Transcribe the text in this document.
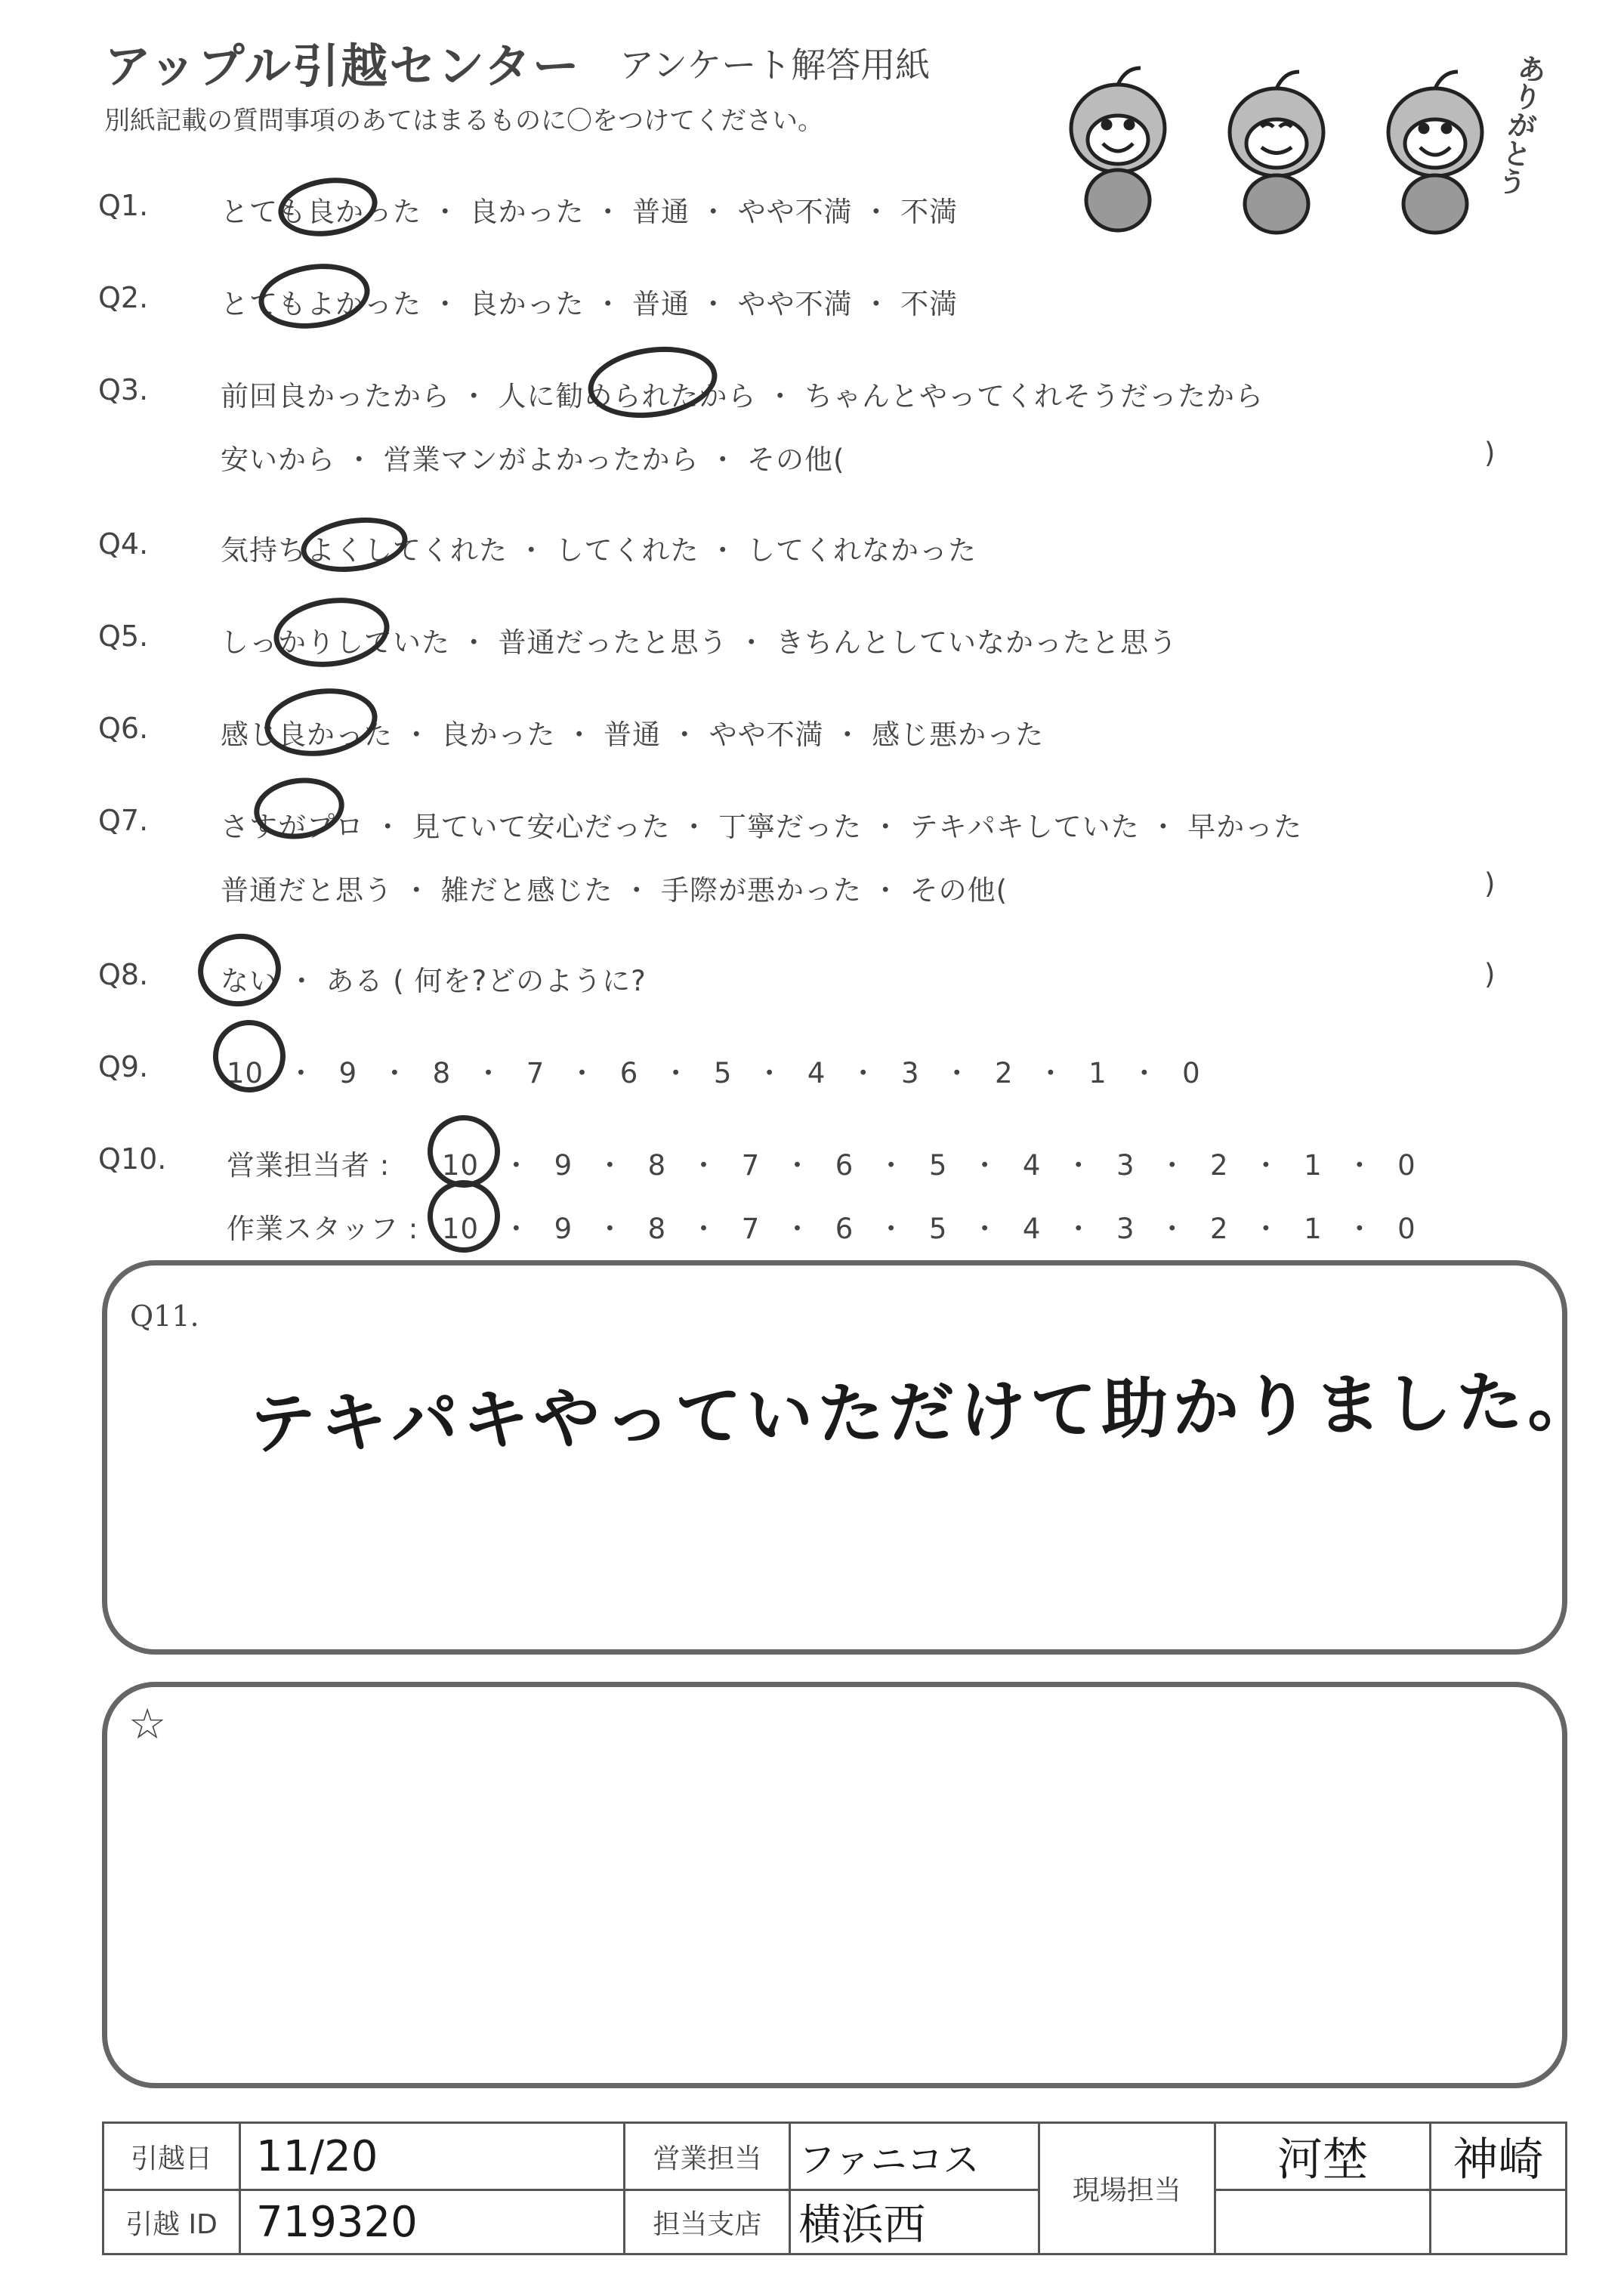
アップル引越センター アンケート解答用紙
別紙記載の質問事項のあてはまるものに〇をつけてください。	ありがとう
Q1.	とても良かった ・ 良かった ・ 普通 ・ やや不満 ・ 不満
Q2.	とてもよかった ・ 良かった ・ 普通 ・ やや不満 ・ 不満
Q3.	前回良かったから ・ 人に勧められたから ・ ちゃんとやってくれそうだったから
安いから ・ 営業マンがよかったから ・ その他(	)
Q4.	気持ちよくしてくれた ・ してくれた ・ してくれなかった
Q5.	しっかりしていた ・ 普通だったと思う ・ きちんとしていなかったと思う
Q6.	感じ良かった ・ 良かった ・ 普通 ・ やや不満 ・ 感じ悪かった
Q7.	さすがプロ ・ 見ていて安心だった ・ 丁寧だった ・ テキパキしていた ・ 早かった
普通だと思う ・ 雑だと感じた ・ 手際が悪かった ・ その他(	)
Q8.	ない ・ ある ( 何を?どのように?	)
Q9.	10 ・ 9 ・ 8 ・ 7 ・ 6 ・ 5 ・ 4 ・ 3 ・ 2 ・ 1 ・ 0
Q10. 営業担当者 : 10 ・ 9 ・ 8 ・ 7 ・ 6 ・ 5 ・ 4 ・ 3 ・ 2 ・ 1 ・ 0
作業スタッフ : 10 ・ 9 ・ 8 ・ 7 ・ 6 ・ 5 ・ 4 ・ 3 ・ 2 ・ 1 ・ 0
Q11.
テキパキやっていただけて助かりました。
☆
引越日	11/20	営業担当	ファニコス	現場担当	河埜	神崎
引越 ID	719320	担当支店	横浜西			
